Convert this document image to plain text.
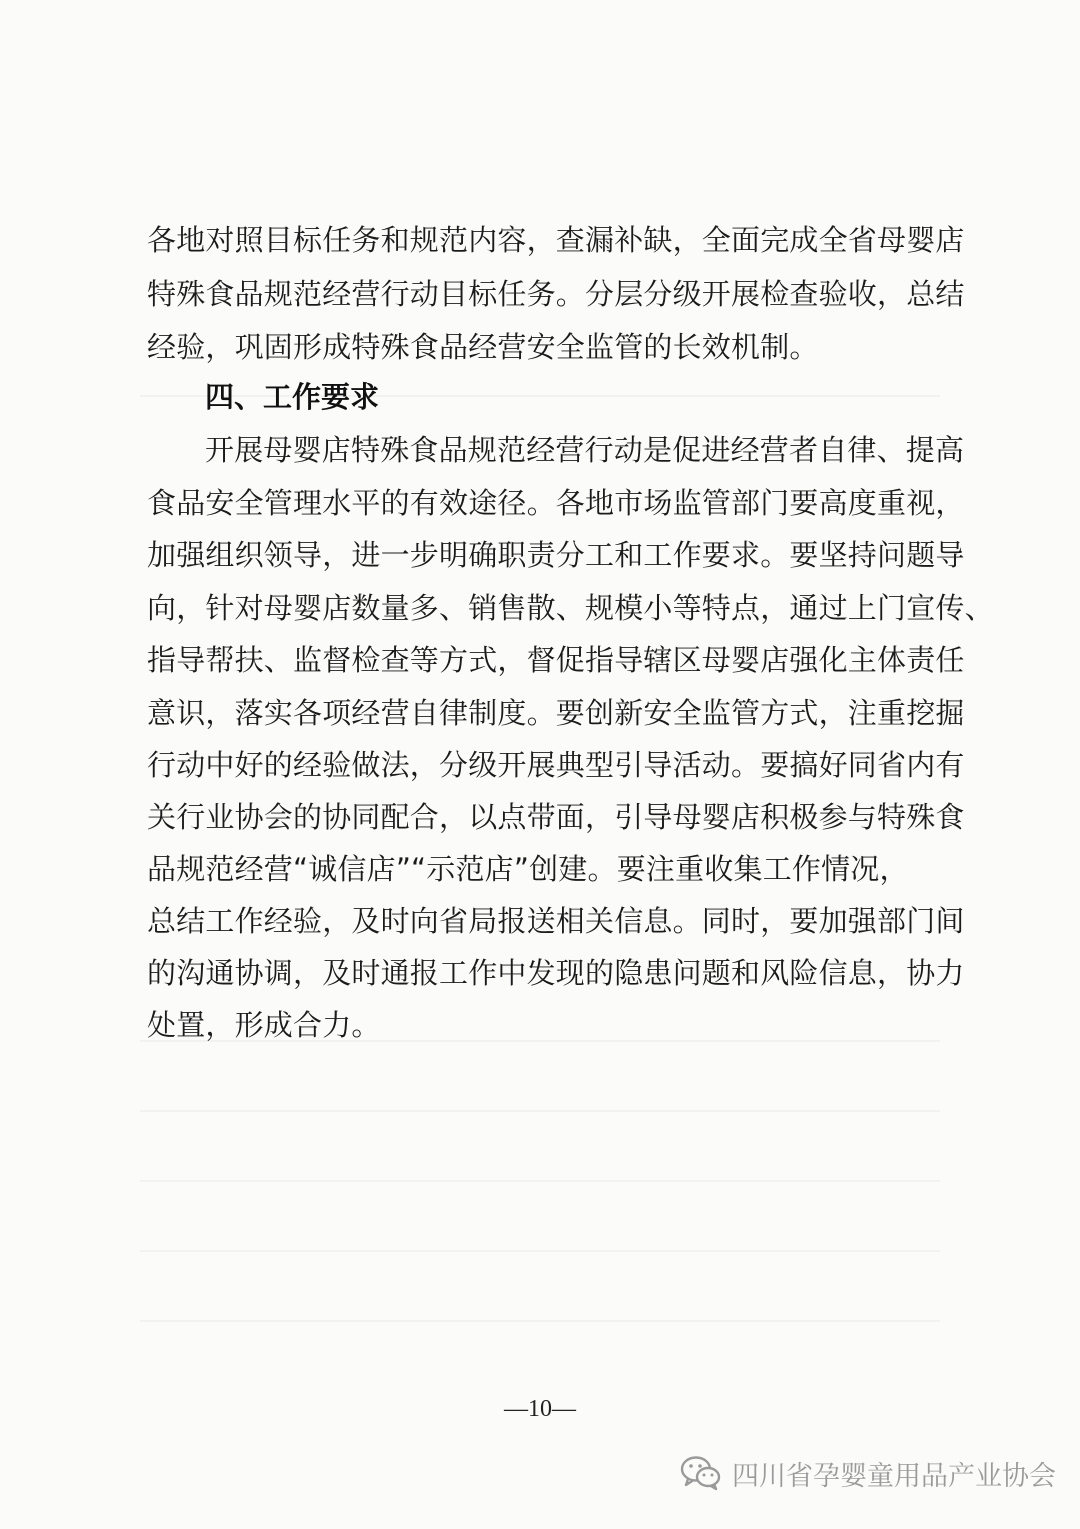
各地对照目标任务和规范内容，查漏补缺，全面完成全省母婴店
特殊食品规范经营行动目标任务。分层分级开展检查验收，总结
经验，巩固形成特殊食品经营安全监管的长效机制。
四、工作要求
开展母婴店特殊食品规范经营行动是促进经营者自律、提高
食品安全管理水平的有效途径。各地市场监管部门要高度重视，
加强组织领导，进一步明确职责分工和工作要求。要坚持问题导
向，针对母婴店数量多、销售散、规模小等特点，通过上门宣传、
指导帮扶、监督检查等方式，督促指导辖区母婴店强化主体责任
意识，落实各项经营自律制度。要创新安全监管方式，注重挖掘
行动中好的经验做法，分级开展典型引导活动。要搞好同省内有
关行业协会的协同配合，以点带面，引导母婴店积极参与特殊食
品规范经营“诚信店”“示范店”创建。要注重收集工作情况，
总结工作经验，及时向省局报送相关信息。同时，要加强部门间
的沟通协调，及时通报工作中发现的隐患问题和风险信息，协力
处置，形成合力。
—10—
四川省孕婴童用品产业协会
